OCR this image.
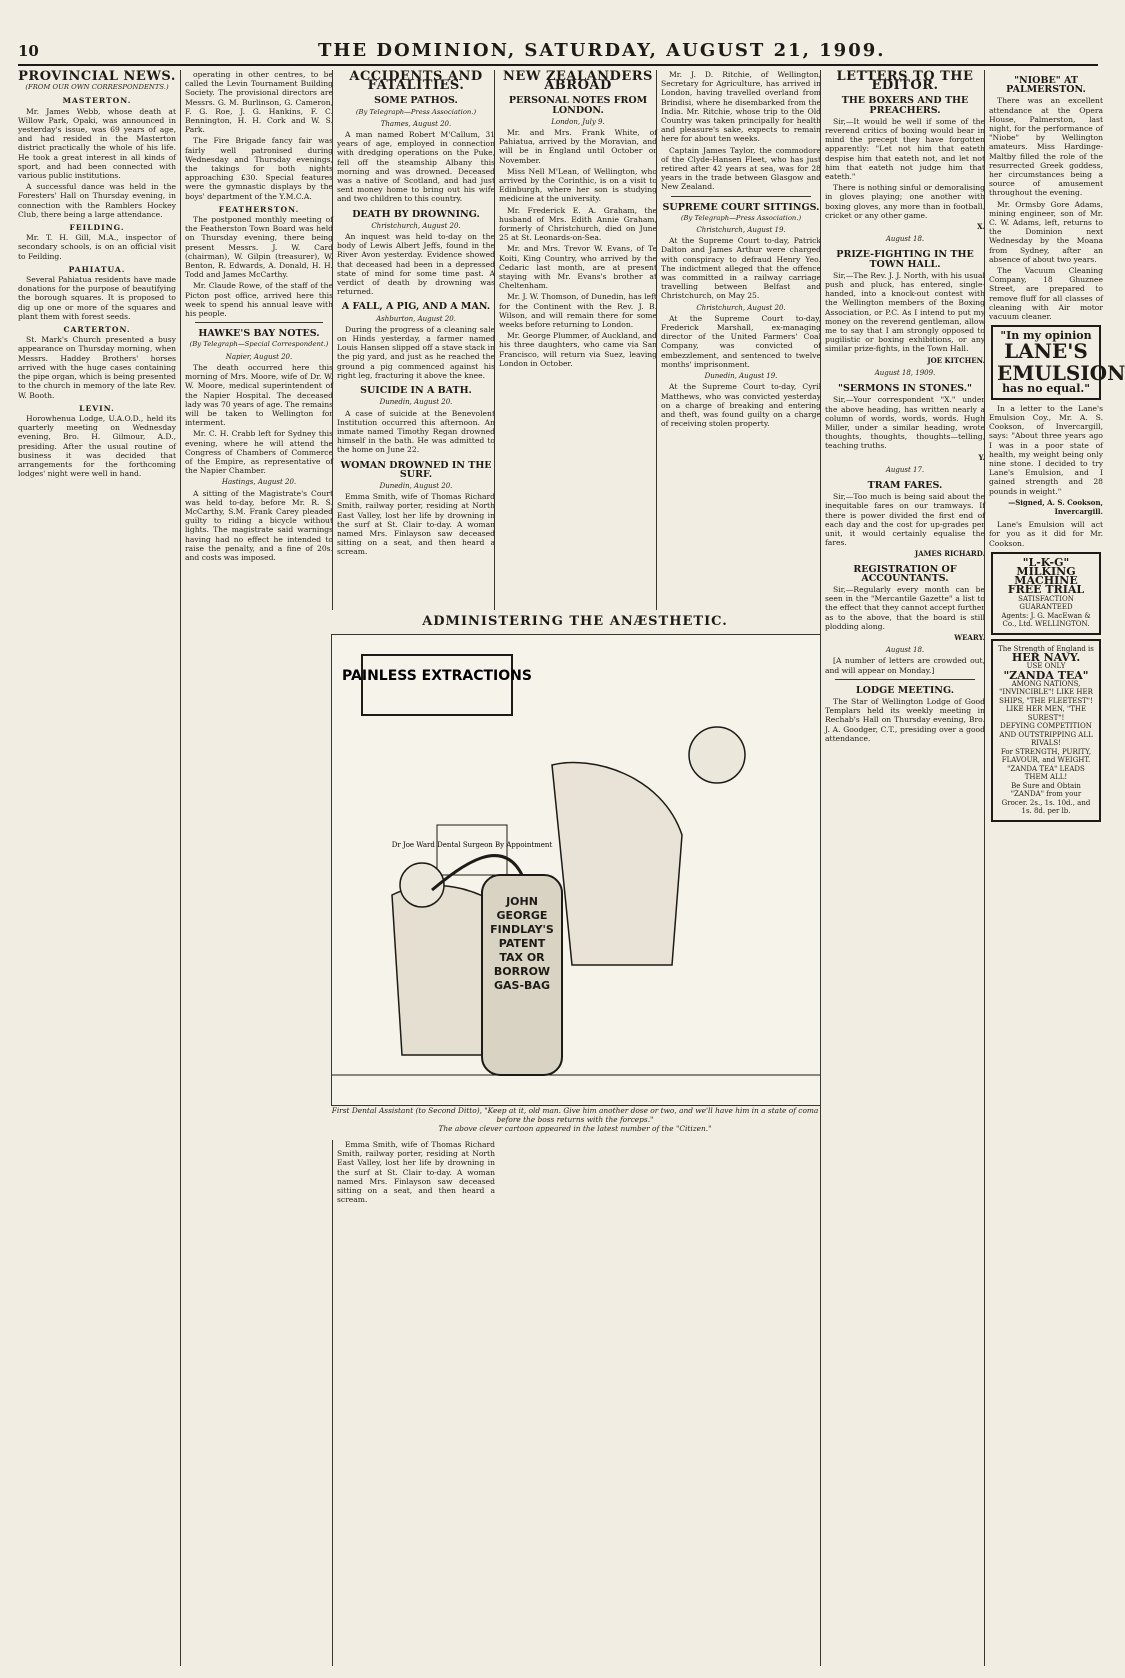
10	THE DOMINION, SATURDAY, AUGUST 21, 1909.
PROVINCIAL NEWS.
(FROM OUR OWN CORRESPONDENTS.)
MASTERTON.

Mr. James Webb, whose death at Willow Park, Opaki, was announced in yesterday's issue, was 69 years of age, and had resided in the Masterton district practically the whole of his life. He took a great interest in all kinds of sport, and had been connected with various public institutions.

A successful dance was held in the Foresters' Hall on Thursday evening, in connection with the Ramblers Hockey Club, there being a large attendance.

FEILDING.

Mr. T. H. Gill, M.A., inspector of secondary schools, is on an official visit to Feilding.

PAHIATUA.

Several Pahiatua residents have made donations for the purpose of beautifying the borough squares. It is proposed to dig up one or more of the squares and plant them with forest seeds.

CARTERTON.

St. Mark's Church presented a busy appearance on Thursday morning, when Messrs. Haddey Brothers' horses arrived with the huge cases containing the pipe organ, which is being presented to the church in memory of the late Rev. W. Booth.

LEVIN.

Horowhenua Lodge, U.A.O.D., held its quarterly meeting on Wednesday evening, Bro. H. Gilmour, A.D., presiding. After the usual routine of business it was decided that arrangements for the forthcoming lodges' night were well in hand.

operating in other centres, to be called the Levin Tournament Building Society. The provisional directors are Messrs. G. M. Burlinson, G. Cameron, F. G. Roe, J. G. Hankins, F. C. Bennington, H. H. Cork and W. S. Park.

The Fire Brigade fancy fair was fairly well patronised during Wednesday and Thursday evenings, the takings for both nights approaching £30. Special features were the gymnastic displays by the boys' department of the Y.M.C.A.

FEATHERSTON.

The postponed monthly meeting of the Featherston Town Board was held on Thursday evening, there being present Messrs. J. W. Card (chairman), W. Gilpin (treasurer), W. Benton, R. Edwards, A. Donald, H. H. Todd and James McCarthy.

Mr. Claude Rowe, of the staff of the Picton post office, arrived here this week to spend his annual leave with his people.

HAWKE'S BAY NOTES.
(By Telegraph—Special Correspondent.)
Napier, August 20.

The death occurred here this morning of Mrs. Moore, wife of Dr. W. W. Moore, medical superintendent of the Napier Hospital. The deceased lady was 70 years of age. The remains will be taken to Wellington for interment.

Mr. C. H. Crabb left for Sydney this evening, where he will attend the Congress of Chambers of Commerce of the Empire, as representative of the Napier Chamber.

Hastings, August 20.

A sitting of the Magistrate's Court was held to-day, before Mr. R. S. McCarthy, S.M. Frank Carey pleaded guilty to riding a bicycle without lights. The magistrate said warnings having had no effect he intended to raise the penalty, and a fine of 20s. and costs was imposed.

ACCIDENTS AND FATALITIES.
SOME PATHOS.
(By Telegraph—Press Association.)
Thames, August 20.

A man named Robert M'Callum, 31 years of age, employed in connection with dredging operations on the Puke, fell off the steamship Albany this morning and was drowned. Deceased was a native of Scotland, and had just sent money home to bring out his wife and two children to this country.

DEATH BY DROWNING.
Christchurch, August 20.

An inquest was held to-day on the body of Lewis Albert Jeffs, found in the River Avon yesterday. Evidence showed that deceased had been in a depressed state of mind for some time past. A verdict of death by drowning was returned.

A FALL, A PIG, AND A MAN.
Ashburton, August 20.

During the progress of a cleaning sale on Hinds yesterday, a farmer named Louis Hansen slipped off a stave stack in the pig yard, and just as he reached the ground a pig commenced against his right leg, fracturing it above the knee.

SUICIDE IN A BATH.
Dunedin, August 20.

A case of suicide at the Benevolent Institution occurred this afternoon. An inmate named Timothy Regan drowned himself in the bath. He was admitted to the home on June 22.

WOMAN DROWNED IN THE SURF.
Dunedin, August 20.

Emma Smith, wife of Thomas Richard Smith, railway porter, residing at North East Valley, lost her life by drowning in the surf at St. Clair to-day. A woman named Mrs. Finlayson saw deceased sitting on a seat, and then heard a scream.

NEW ZEALANDERS ABROAD
PERSONAL NOTES FROM LONDON.
London, July 9.

Mr. and Mrs. Frank White, of Pahiatua, arrived by the Moravian, and will be in England until October or November.

Miss Nell M'Lean, of Wellington, who arrived by the Corinthic, is on a visit to Edinburgh, where her son is studying medicine at the university.

Mr. Frederick E. A. Graham, the husband of Mrs. Edith Annie Graham, formerly of Christchurch, died on June 25 at St. Leonards-on-Sea.

Mr. and Mrs. Trevor W. Evans, of Te Koiti, King Country, who arrived by the Cedaric last month, are at present staying with Mr. Evans's brother at Cheltenham.

Mr. J. W. Thomson, of Dunedin, has left for the Continent with the Rev. J. B. Wilson, and will remain there for some weeks before returning to London.

Mr. George Plummer, of Auckland, and his three daughters, who came via San Francisco, will return via Suez, leaving London in October.

Mr. J. D. Ritchie, of Wellington, Secretary for Agriculture, has arrived in London, having travelled overland from Brindisi, where he disembarked from the India. Mr. Ritchie, whose trip to the Old Country was taken principally for health and pleasure's sake, expects to remain here for about ten weeks.

Captain James Taylor, the commodore of the Clyde-Hansen Fleet, who has just retired after 42 years at sea, was for 28 years in the trade between Glasgow and New Zealand.

SUPREME COURT SITTINGS.
(By Telegraph—Press Association.)
Christchurch, August 19.

At the Supreme Court to-day, Patrick Dalton and James Arthur were charged with conspiracy to defraud Henry Yeo. The indictment alleged that the offence was committed in a railway carriage travelling between Belfast and Christchurch, on May 25.

Christchurch, August 20.

At the Supreme Court to-day, Frederick Marshall, ex-managing director of the United Farmers' Coal Company, was convicted of embezzlement, and sentenced to twelve months' imprisonment.

Dunedin, August 19.

At the Supreme Court to-day, Cyril Matthews, who was convicted yesterday on a charge of breaking and entering and theft, was found guilty on a charge of receiving stolen property.

ADMINISTERING THE ANÆSTHETIC.
PAINLESS EXTRACTIONS
Dr Joe Ward Dental Surgeon By Appointment
JOHN GEORGE FINDLAY'S PATENT TAX OR BORROW GAS-BAG
First Dental Assistant (to Second Ditto), "Keep at it, old man. Give him another dose or two, and we'll have him in a state of coma before the boss returns with the forceps."
The above clever cartoon appeared in the latest number of the "Citizen."

Emma Smith, wife of Thomas Richard Smith, railway porter, residing at North East Valley, lost her life by drowning in the surf at St. Clair to-day. A woman named Mrs. Finlayson saw deceased sitting on a seat, and then heard a scream.

LETTERS TO THE EDITOR.
THE BOXERS AND THE PREACHERS.

Sir,—It would be well if some of the reverend critics of boxing would bear in mind the precept they have forgotten apparently: "Let not him that eateth despise him that eateth not, and let not him that eateth not judge him that eateth."

There is nothing sinful or demoralising in gloves playing; one another with boxing gloves, any more than in football, cricket or any other game.

X.
August 18.
PRIZE-FIGHTING IN THE TOWN HALL.

Sir,—The Rev. J. J. North, with his usual push and pluck, has entered, single-handed, into a knock-out contest with the Wellington members of the Boxing Association, or P.C. As I intend to put my money on the reverend gentleman, allow me to say that I am strongly opposed to pugilistic or boxing exhibitions, or any similar prize-fights, in the Town Hall.

JOE KITCHEN.
August 18, 1909.
"SERMONS IN STONES."

Sir,—Your correspondent "X." under the above heading, has written nearly a column of words, words, words. Hugh Miller, under a similar heading, wrote thoughts, thoughts, thoughts—telling, teaching truths.

Y.
August 17.
TRAM FARES.

Sir,—Too much is being said about the inequitable fares on our tramways. If there is power divided the first end of each day and the cost for up-grades per unit, it would certainly equalise the fares.

JAMES RICHARD.
REGISTRATION OF ACCOUNTANTS.

Sir,—Regularly every month can be seen in the "Mercantile Gazette" a list to the effect that they cannot accept further as to the above, that the board is still plodding along.

WEARY.
August 18.

[A number of letters are crowded out, and will appear on Monday.]

LODGE MEETING.

The Star of Wellington Lodge of Good Templars held its weekly meeting in Rechab's Hall on Thursday evening, Bro. J. A. Goodger, C.T., presiding over a good attendance.

"NIOBE" AT PALMERSTON.

There was an excellent attendance at the Opera House, Palmerston, last night, for the performance of "Niobe" by Wellington amateurs. Miss Hardinge-Maltby filled the role of the resurrected Greek goddess, her circumstances being a source of amusement throughout the evening.

Mr. Ormsby Gore Adams, mining engineer, son of Mr. C. W. Adams, left, returns to the Dominion next Wednesday by the Moana from Sydney, after an absence of about two years.

The Vacuum Cleaning Company, 18 Ghuznee Street, are prepared to remove fluff for all classes of cleaning with Air motor vacuum cleaner.

"In my opinion
LANE'S
EMULSION
has no equal."

In a letter to the Lane's Emulsion Coy., Mr. A. S. Cookson, of Invercargill, says: "About three years ago I was in a poor state of health, my weight being only nine stone. I decided to try Lane's Emulsion, and I gained strength and 28 pounds in weight."

—Signed, A. S. Cookson, Invercargill.

Lane's Emulsion will act for you as it did for Mr. Cookson.

"L-K-G"
MILKING MACHINE
FREE TRIAL
SATISFACTION GUARANTEED
Agents: J. G. MacEwan & Co., Ltd. WELLINGTON.
The Strength of England is
HER NAVY.
USE ONLY
"ZANDA TEA"
AMONG NATIONS, "INVINCIBLE"! LIKE HER SHIPS, "THE FLEETEST"! LIKE HER MEN, "THE SUREST"!
DEFYING COMPETITION AND OUTSTRIPPING ALL RIVALS!
For STRENGTH, PURITY, FLAVOUR, and WEIGHT.
"ZANDA TEA" LEADS THEM ALL!
Be Sure and Obtain "ZANDA" from your Grocer. 2s., 1s. 10d., and 1s. 8d. per lb.
